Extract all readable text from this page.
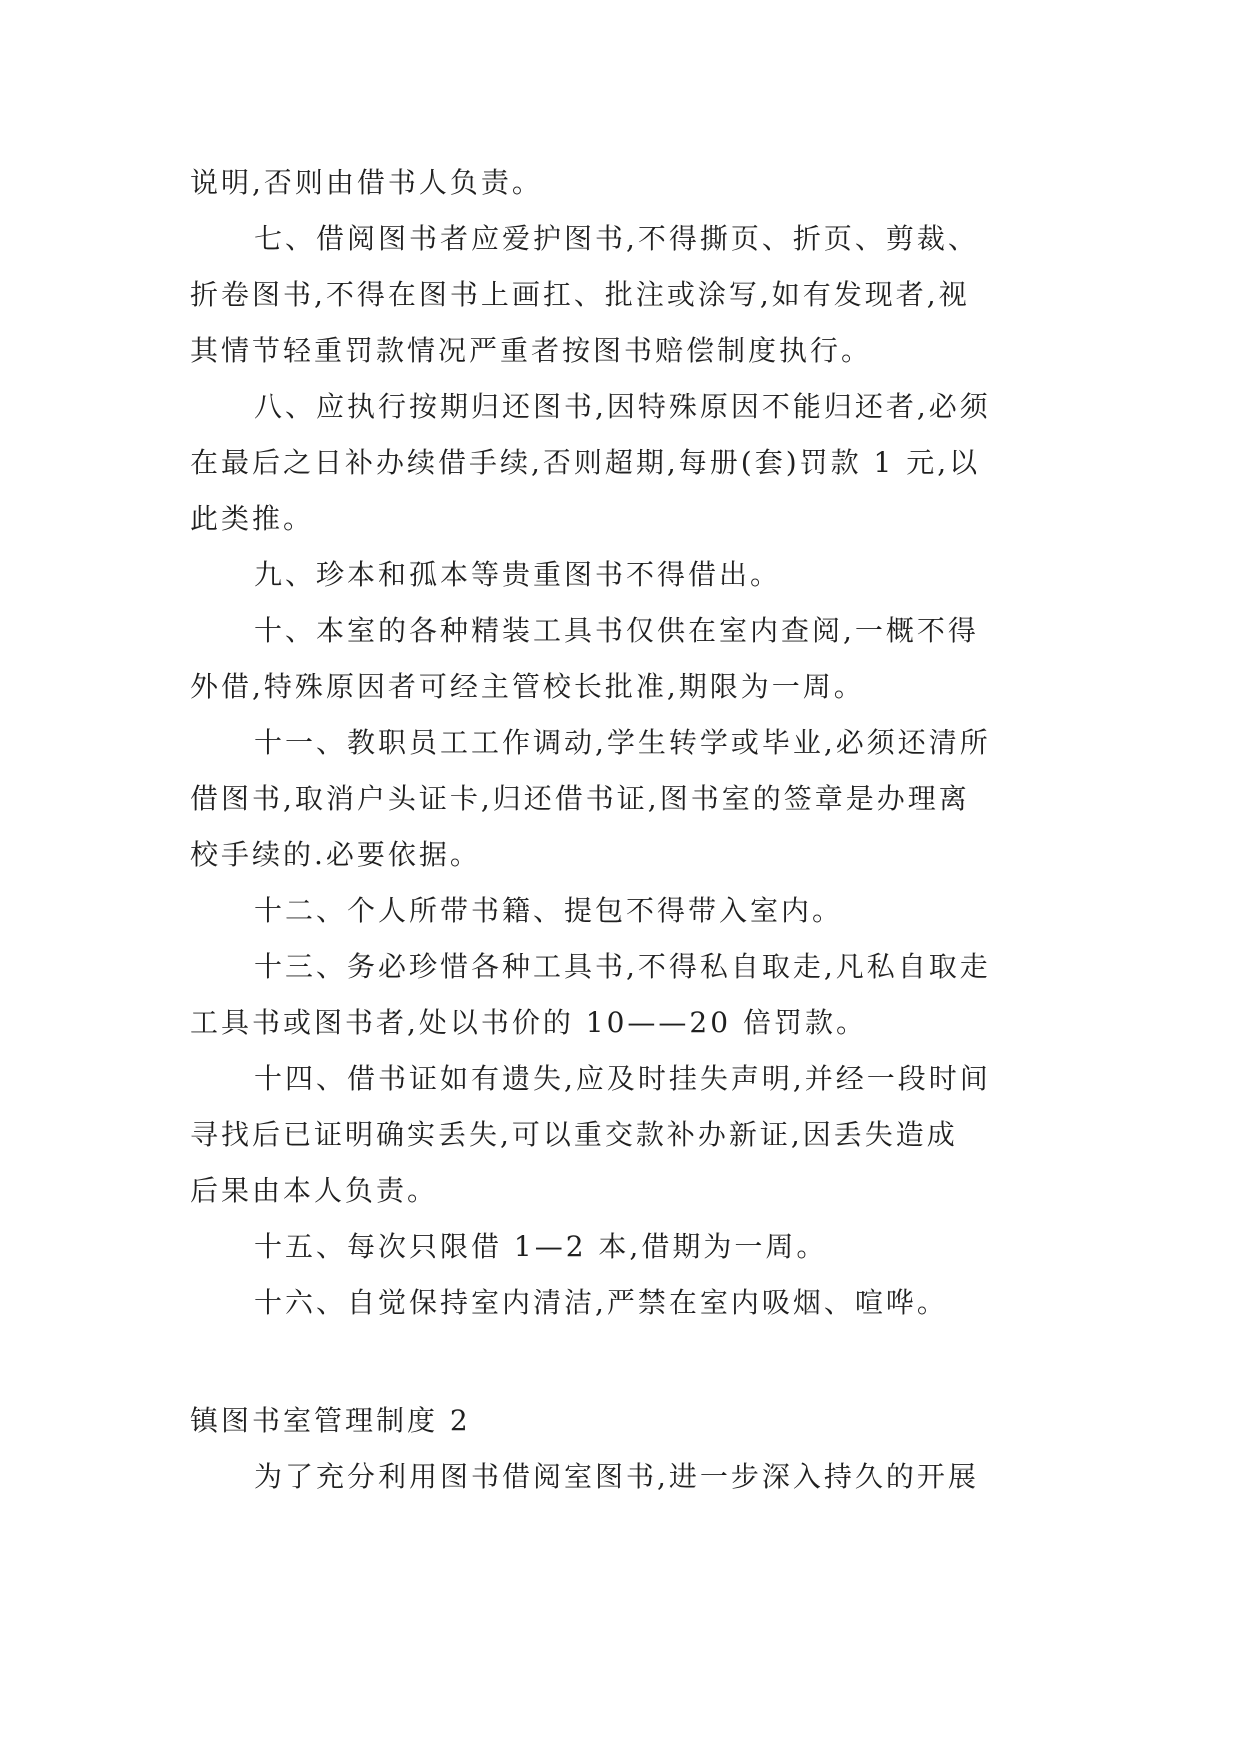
说明,否则由借书人负责。
七、借阅图书者应爱护图书,不得撕页、折页、剪裁、
折卷图书,不得在图书上画扛、批注或涂写,如有发现者,视
其情节轻重罚款情况严重者按图书赔偿制度执行。
八、应执行按期归还图书,因特殊原因不能归还者,必须
在最后之日补办续借手续,否则超期,每册(套)罚款 1 元,以
此类推。
九、珍本和孤本等贵重图书不得借出。
十、本室的各种精装工具书仅供在室内查阅,一概不得
外借,特殊原因者可经主管校长批准,期限为一周。
十一、教职员工工作调动,学生转学或毕业,必须还清所
借图书,取消户头证卡,归还借书证,图书室的签章是办理离
校手续的.必要依据。
十二、个人所带书籍、提包不得带入室内。
十三、务必珍惜各种工具书,不得私自取走,凡私自取走
工具书或图书者,处以书价的 10——20 倍罚款。
十四、借书证如有遗失,应及时挂失声明,并经一段时间
寻找后已证明确实丢失,可以重交款补办新证,因丢失造成
后果由本人负责。
十五、每次只限借 1—2 本,借期为一周。
十六、自觉保持室内清洁,严禁在室内吸烟、喧哗。
镇图书室管理制度 2
为了充分利用图书借阅室图书,进一步深入持久的开展
